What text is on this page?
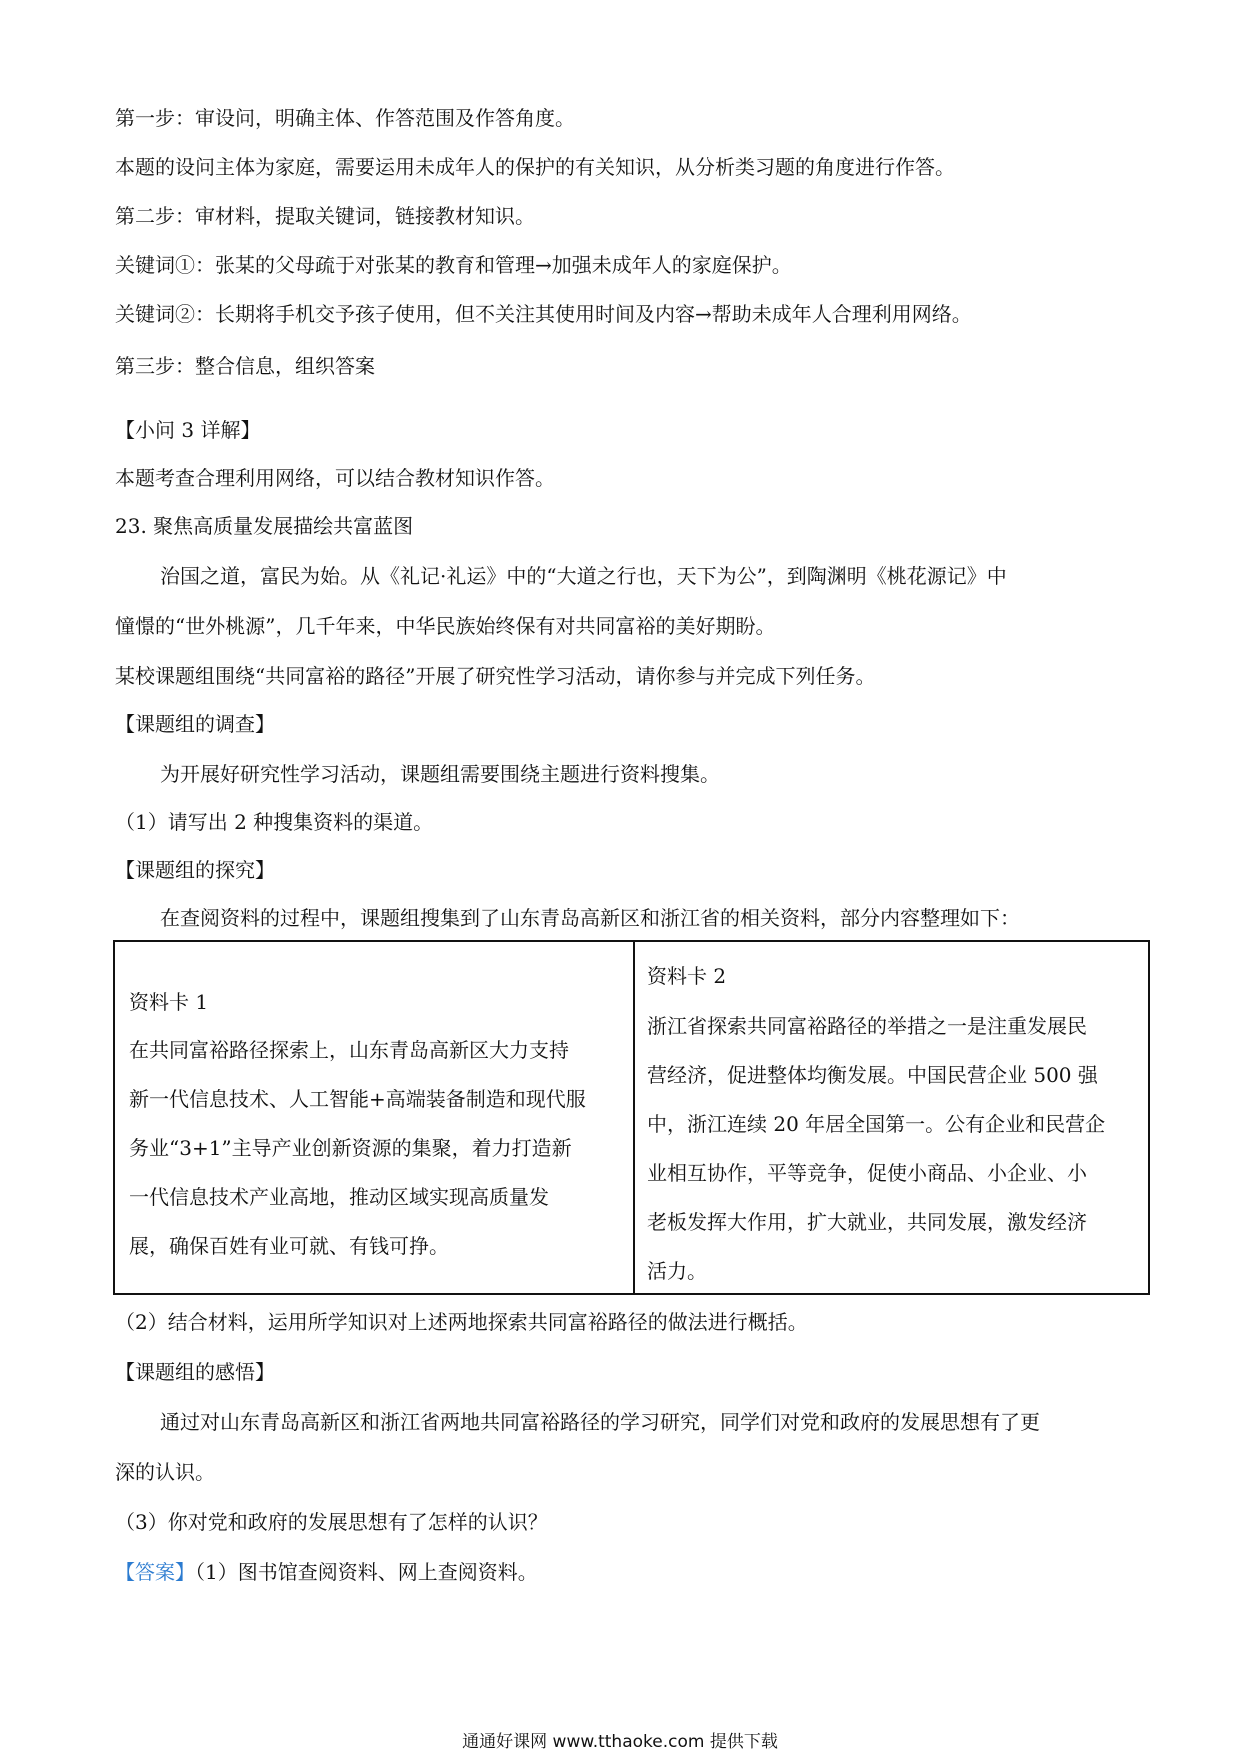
第一步：审设问，明确主体、作答范围及作答角度。
本题的设问主体为家庭，需要运用未成年人的保护的有关知识，从分析类习题的角度进行作答。
第二步：审材料，提取关键词，链接教材知识。
关键词①：张某的父母疏于对张某的教育和管理→加强未成年人的家庭保护。
关键词②：长期将手机交予孩子使用，但不关注其使用时间及内容→帮助未成年人合理利用网络。
第三步：整合信息，组织答案
【小问 3 详解】
本题考查合理利用网络，可以结合教材知识作答。
23. 聚焦高质量发展描绘共富蓝图
治国之道，富民为始。从《礼记·礼运》中的“大道之行也，天下为公”，到陶渊明《桃花源记》中
憧憬的“世外桃源”，几千年来，中华民族始终保有对共同富裕的美好期盼。
某校课题组围绕“共同富裕的路径”开展了研究性学习活动，请你参与并完成下列任务。
【课题组的调查】
为开展好研究性学习活动，课题组需要围绕主题进行资料搜集。
（1）请写出 2 种搜集资料的渠道。
【课题组的探究】
在查阅资料的过程中，课题组搜集到了山东青岛高新区和浙江省的相关资料，部分内容整理如下：
资料卡 1
在共同富裕路径探索上，山东青岛高新区大力支持
新一代信息技术、人工智能+高端装备制造和现代服
务业“3+1”主导产业创新资源的集聚，着力打造新
一代信息技术产业高地，推动区域实现高质量发
展，确保百姓有业可就、有钱可挣。
资料卡 2
浙江省探索共同富裕路径的举措之一是注重发展民
营经济，促进整体均衡发展。中国民营企业 500 强
中，浙江连续 20 年居全国第一。公有企业和民营企
业相互协作，平等竞争，促使小商品、小企业、小
老板发挥大作用，扩大就业，共同发展，激发经济
活力。
（2）结合材料，运用所学知识对上述两地探索共同富裕路径的做法进行概括。
【课题组的感悟】
通过对山东青岛高新区和浙江省两地共同富裕路径的学习研究，同学们对党和政府的发展思想有了更
深的认识。
（3）你对党和政府的发展思想有了怎样的认识？
【答案】（1）图书馆查阅资料、网上查阅资料。
通通好课网 www.tthaoke.com 提供下载
